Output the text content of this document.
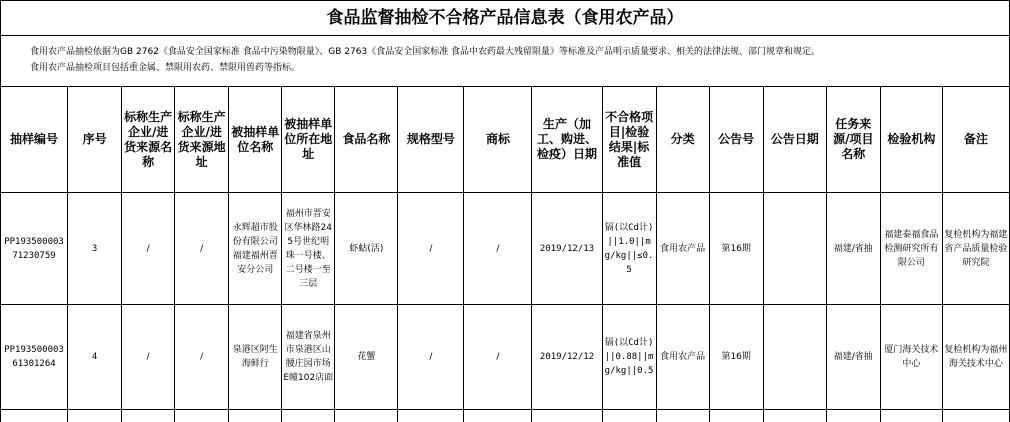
食品监督抽检不合格产品信息表（食用农产品）
食用农产品抽检依据为GB 2762《食品安全国家标准 食品中污染物限量》、GB 2763《食品安全国家标准 食品中农药最大残留限量》等标准及产品明示质量要求、相关的法律法规、部门规章和规定。
食用农产品抽检项目包括重金属、禁限用农药、禁限用兽药等指标。
抽样编号	序号	标称生产企业/进货来源名称	标称生产企业/进货来源地址	被抽样单位名称	被抽样单位所在地址	食品名称	规格型号	商标	生产（加工、购进、检疫）日期	不合格项目|检验结果|标准值	分类	公告号	公告日期	任务来源/项目名称	检验机构	备注
PP19350000371230759	3	/	/	永辉超市股份有限公司福建福州晋安分公司	福州市晋安区华林路245号世纪明珠一号楼、二号楼一至三层	虾蛄(活)	/	/	2019/12/13	镉(以Cd计)||1.0||mg/kg||≤0.5	食用农产品	第16期		福建/省抽	福建泰福食品检测研究所有限公司	复检机构为福建省产品质量检验研究院
PP19350000361301264	4	/	/	泉港区阿生海鲜行	福建省泉州市泉港区山腰庄园市场E幢102店面	花蟹	/	/	2019/12/12	镉(以Cd计)||0.88||mg/kg||0.5	食用农产品	第16期		福建/省抽	厦门海关技术中心	复检机构为福州海关技术中心
